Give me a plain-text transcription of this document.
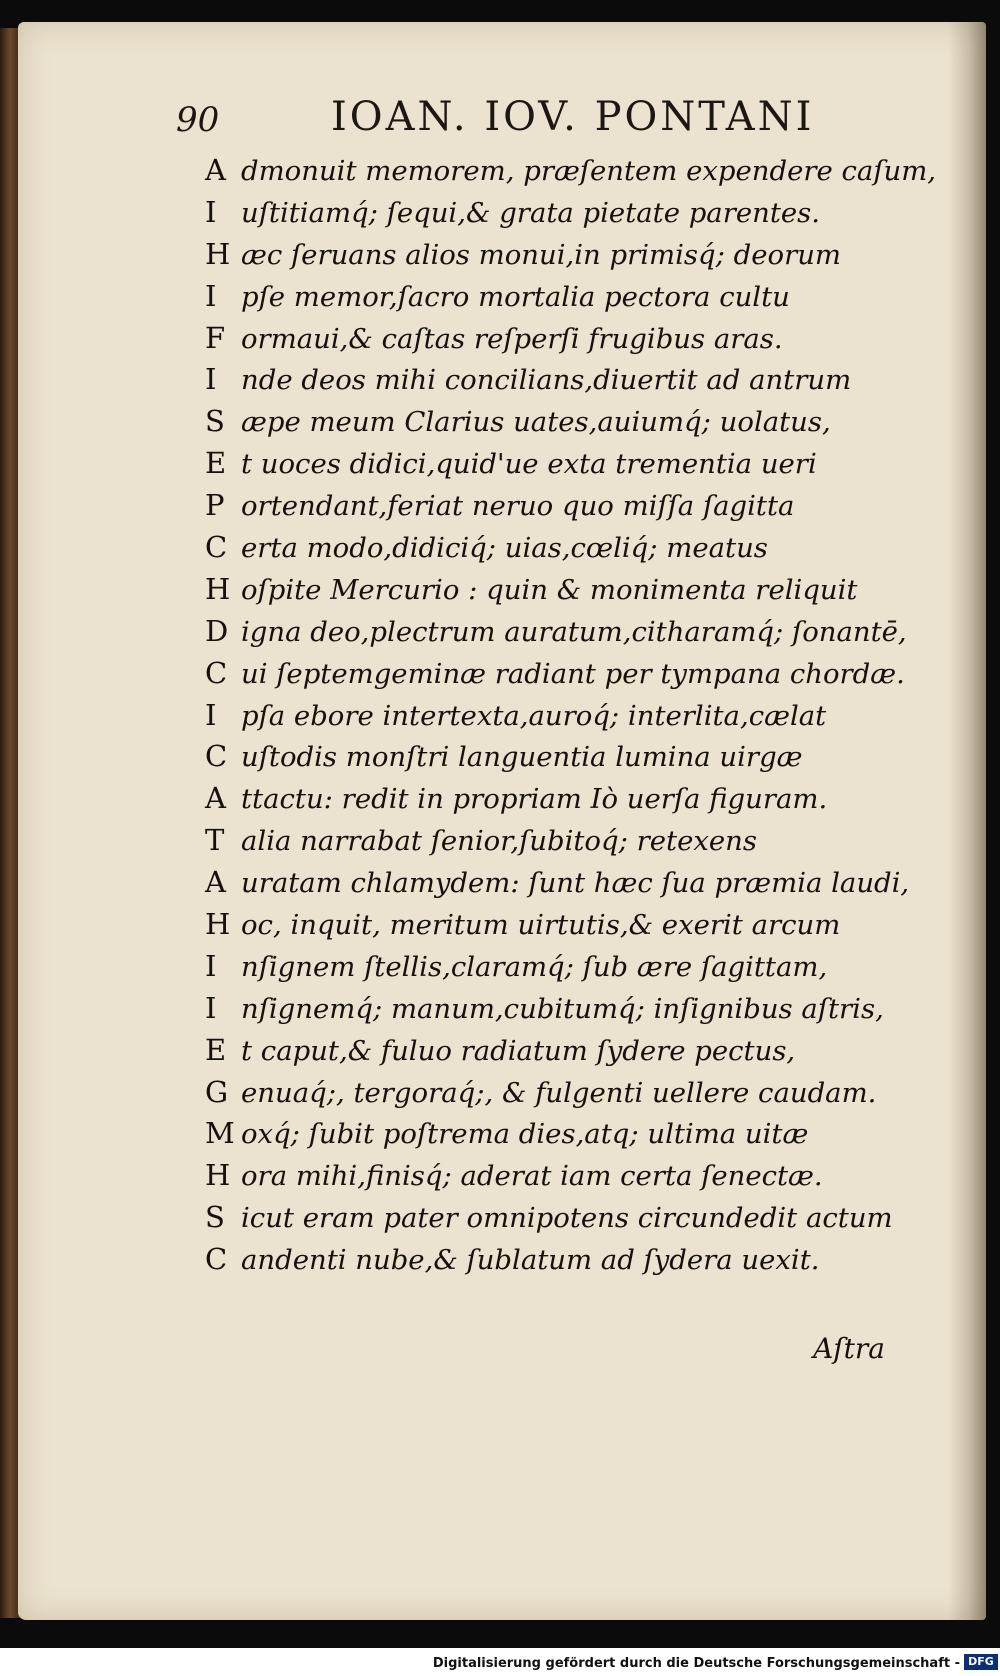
90	IOAN. IOV. PONTANI
A dmonuit memorem, præſentem expendere caſum,
I uſtitiamq́; ſequi,& grata pietate parentes.
H æc ſeruans alios monui,in primisq́; deorum
I pſe memor,ſacro mortalia pectora cultu
F ormaui,& caſtas reſperſi frugibus aras.
I nde deos mihi concilians,diuertit ad antrum
S æpe meum Clarius uates,auiumq́; uolatus,
E t uoces didici,quid'ue exta trementia ueri
P ortendant,feriat neruo quo miſſa ſagitta
C erta modo,didiciq́; uias,cœliq́; meatus
H oſpite Mercurio : quin & monimenta reliquit
D igna deo,plectrum auratum,citharamq́; ſonantē,
C ui ſeptemgeminæ radiant per tympana chordæ.
I pſa ebore intertexta,auroq́; interlita,cælat
C uſtodis monſtri languentia lumina uirgæ
A ttactu: redit in propriam Iò uerſa figuram.
T alia narrabat ſenior,ſubitoq́; retexens
A uratam chlamydem: ſunt hæc ſua præmia laudi,
H oc, inquit, meritum uirtutis,& exerit arcum
I nſignem ſtellis,claramq́; ſub ære ſagittam,
I nſignemq́; manum,cubitumq́; inſignibus aſtris,
E t caput,& fuluo radiatum ſydere pectus,
G enuaq́;, tergoraq́;, & fulgenti uellere caudam.
M oxq́; ſubit poſtrema dies,atq; ultima uitæ
H ora mihi,finisq́; aderat iam certa ſenectæ.
S icut eram pater omnipotens circundedit actum
C andenti nube,& ſublatum ad ſydera uexit.
Aſtra
Digitalisierung gefördert durch die Deutsche Forschungsgemeinschaft - DFG
